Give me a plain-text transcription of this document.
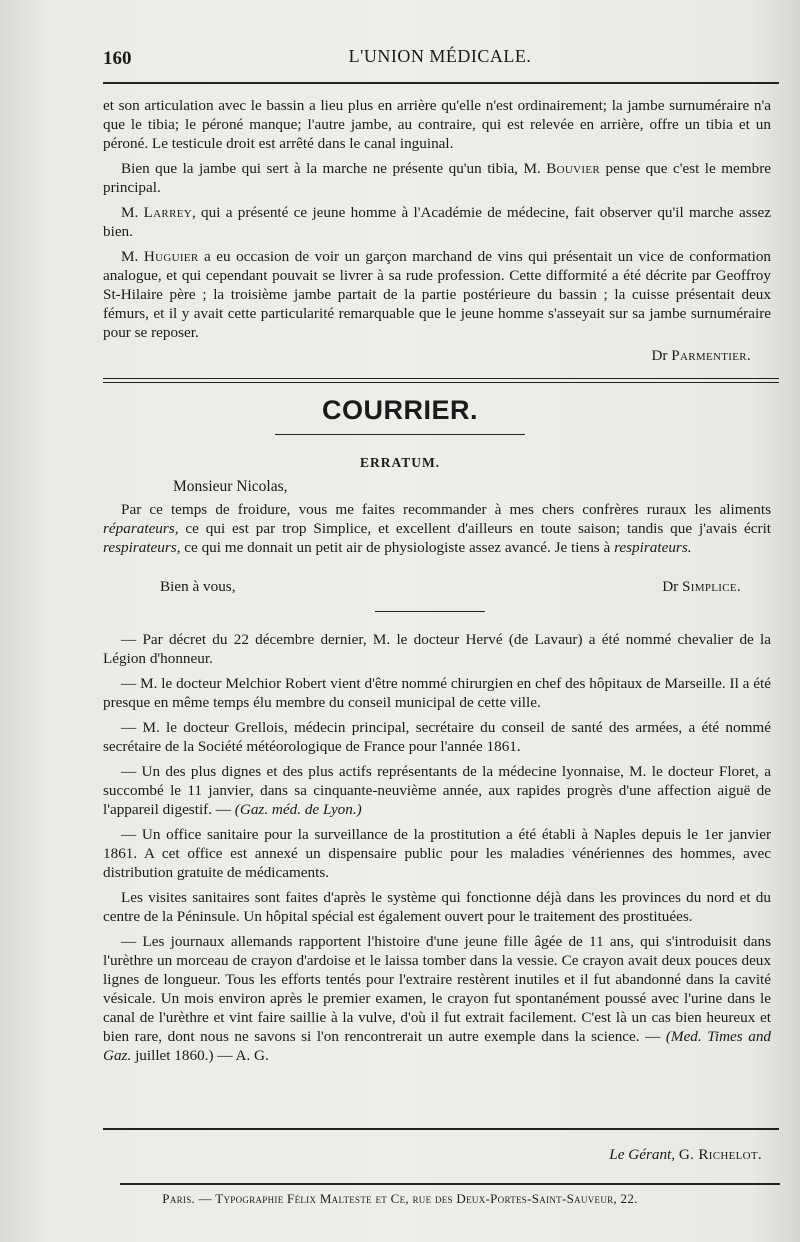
160	L'UNION MÉDICALE.

et son articulation avec le bassin a lieu plus en arrière qu'elle n'est ordinairement; la jambe surnuméraire n'a que le tibia; le péroné manque; l'autre jambe, au contraire, qui est relevée en arrière, offre un tibia et un péroné. Le testicule droit est arrêté dans le canal inguinal.

Bien que la jambe qui sert à la marche ne présente qu'un tibia, M. Bouvier pense que c'est le membre principal.

M. Larrey, qui a présenté ce jeune homme à l'Académie de médecine, fait observer qu'il marche assez bien.

M. Huguier a eu occasion de voir un garçon marchand de vins qui présentait un vice de conformation analogue, et qui cependant pouvait se livrer à sa rude profession. Cette difformité a été décrite par Geoffroy St-Hilaire père ; la troisième jambe partait de la partie postérieure du bassin ; la cuisse présentait deux fémurs, et il y avait cette particularité remarquable que le jeune homme s'asseyait sur sa jambe surnuméraire pour se reposer.

Dr Parmentier.

COURRIER.
ERRATUM.
Monsieur Nicolas,

Par ce temps de froidure, vous me faites recommander à mes chers confrères ruraux les aliments réparateurs, ce qui est par trop Simplice, et excellent d'ailleurs en toute saison; tandis que j'avais écrit respirateurs, ce qui me donnait un petit air de physiologiste assez avancé. Je tiens à respirateurs.

Bien à vous,	Dr Simplice.

— Par décret du 22 décembre dernier, M. le docteur Hervé (de Lavaur) a été nommé chevalier de la Légion d'honneur.

— M. le docteur Melchior Robert vient d'être nommé chirurgien en chef des hôpitaux de Marseille. Il a été presque en même temps élu membre du conseil municipal de cette ville.

— M. le docteur Grellois, médecin principal, secrétaire du conseil de santé des armées, a été nommé secrétaire de la Société météorologique de France pour l'année 1861.

— Un des plus dignes et des plus actifs représentants de la médecine lyonnaise, M. le docteur Floret, a succombé le 11 janvier, dans sa cinquante-neuvième année, aux rapides progrès d'une affection aiguë de l'appareil digestif. — (Gaz. méd. de Lyon.)

— Un office sanitaire pour la surveillance de la prostitution a été établi à Naples depuis le 1er janvier 1861. A cet office est annexé un dispensaire public pour les maladies vénériennes des hommes, avec distribution gratuite de médicaments.

Les visites sanitaires sont faites d'après le système qui fonctionne déjà dans les provinces du nord et du centre de la Péninsule. Un hôpital spécial est également ouvert pour le traitement des prostituées.

— Les journaux allemands rapportent l'histoire d'une jeune fille âgée de 11 ans, qui s'introduisit dans l'urèthre un morceau de crayon d'ardoise et le laissa tomber dans la vessie. Ce crayon avait deux pouces deux lignes de longueur. Tous les efforts tentés pour l'extraire restèrent inutiles et il fut abandonné dans la cavité vésicale. Un mois environ après le premier examen, le crayon fut spontanément poussé avec l'urine dans le canal de l'urèthre et vint faire saillie à la vulve, d'où il fut extrait facilement. C'est là un cas bien heureux et bien rare, dont nous ne savons si l'on rencontrerait un autre exemple dans la science. — (Med. Times and Gaz. juillet 1860.) — A. G.

Le Gérant, G. Richelot.
Paris. — Typographie Félix Malteste et Ce, rue des Deux-Portes-Saint-Sauveur, 22.
